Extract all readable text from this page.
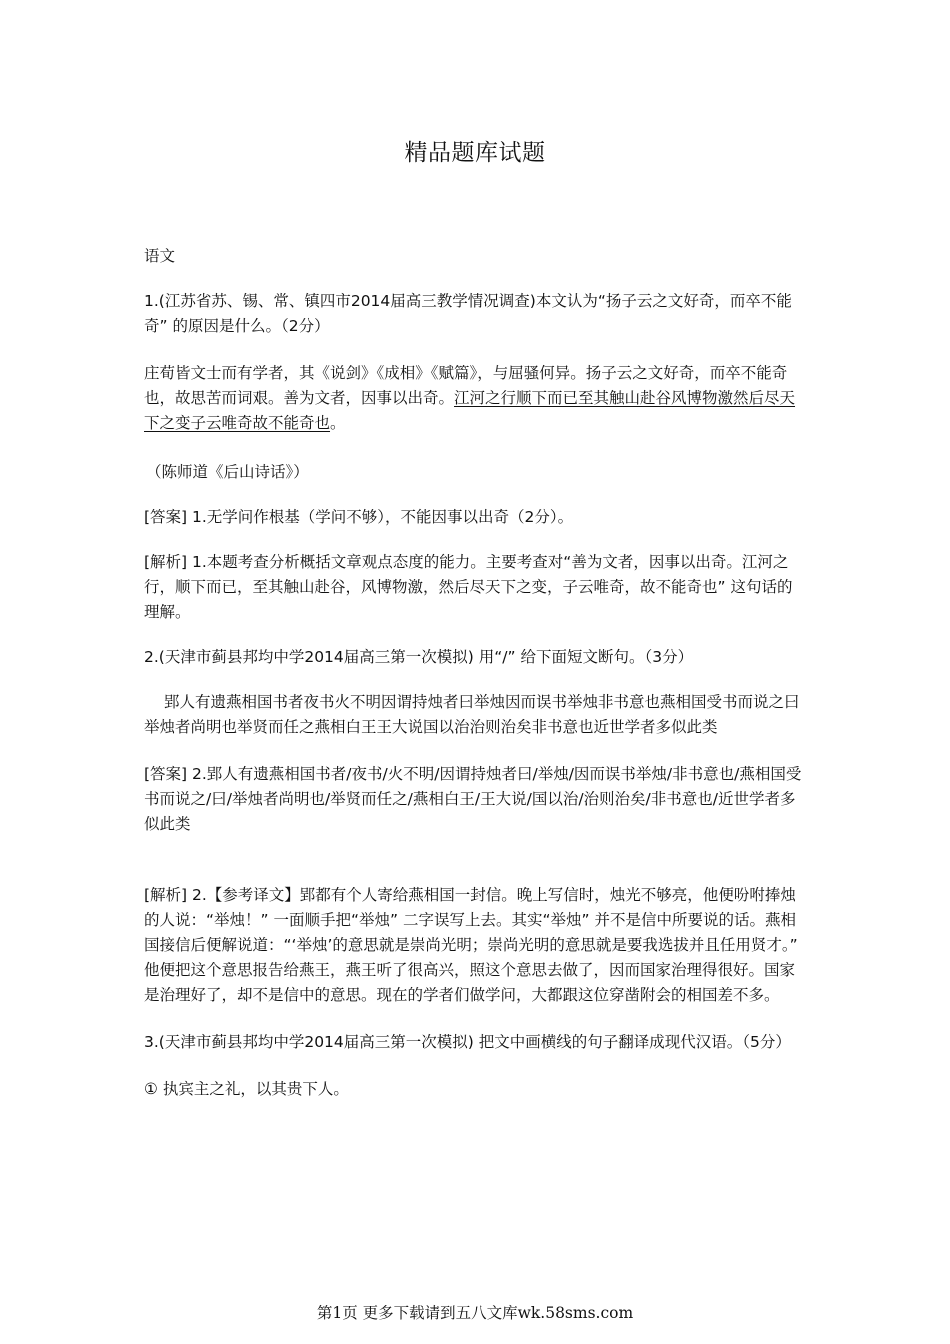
精品题库试题

语文

1.(江苏省苏、锡、常、镇四市2014届高三教学情况调查)本文认为“扬子云之文好奇，而卒不能奇” 的原因是什么。（2分）

庄荀皆文士而有学者，其《说剑》《成相》《赋篇》，与屈骚何异。扬子云之文好奇，而卒不能奇也，故思苦而词艰。善为文者，因事以出奇。江河之行顺下而已至其触山赴谷风博物激然后尽天下之变子云唯奇故不能奇也。

（陈师道《后山诗话》）

[答案] 1.无学问作根基（学问不够），不能因事以出奇（2分）。

[解析] 1.本题考查分析概括文章观点态度的能力。主要考查对“善为文者，因事以出奇。江河之行，顺下而已，至其触山赴谷，风博物激，然后尽天下之变，子云唯奇，故不能奇也” 这句话的理解。

2.(天津市蓟县邦均中学2014届高三第一次模拟) 用“/” 给下面短文断句。（3分）

郢人有遗燕相国书者夜书火不明因谓持烛者曰举烛因而误书举烛非书意也燕相国受书而说之曰举烛者尚明也举贤而任之燕相白王王大说国以治治则治矣非书意也近世学者多似此类

[答案] 2.郢人有遗燕相国书者/夜书/火不明/因谓持烛者曰/举烛/因而误书举烛/非书意也/燕相国受书而说之/曰/举烛者尚明也/举贤而任之/燕相白王/王大说/国以治/治则治矣/非书意也/近世学者多似此类

[解析] 2.【参考译文】郢都有个人寄给燕相国一封信。晚上写信时，烛光不够亮，他便吩咐捧烛的人说：“举烛！” 一面顺手把“举烛” 二字误写上去。其实“举烛” 并不是信中所要说的话。燕相国接信后便解说道：“‘举烛’的意思就是崇尚光明；崇尚光明的意思就是要我选拔并且任用贤才。” 他便把这个意思报告给燕王，燕王听了很高兴，照这个意思去做了，因而国家治理得很好。国家是治理好了，却不是信中的意思。现在的学者们做学问，大都跟这位穿凿附会的相国差不多。

3.(天津市蓟县邦均中学2014届高三第一次模拟) 把文中画横线的句子翻译成现代汉语。（5分）

① 执宾主之礼，以其贵下人。

第1页 更多下载请到五八文库wk.58sms.com
